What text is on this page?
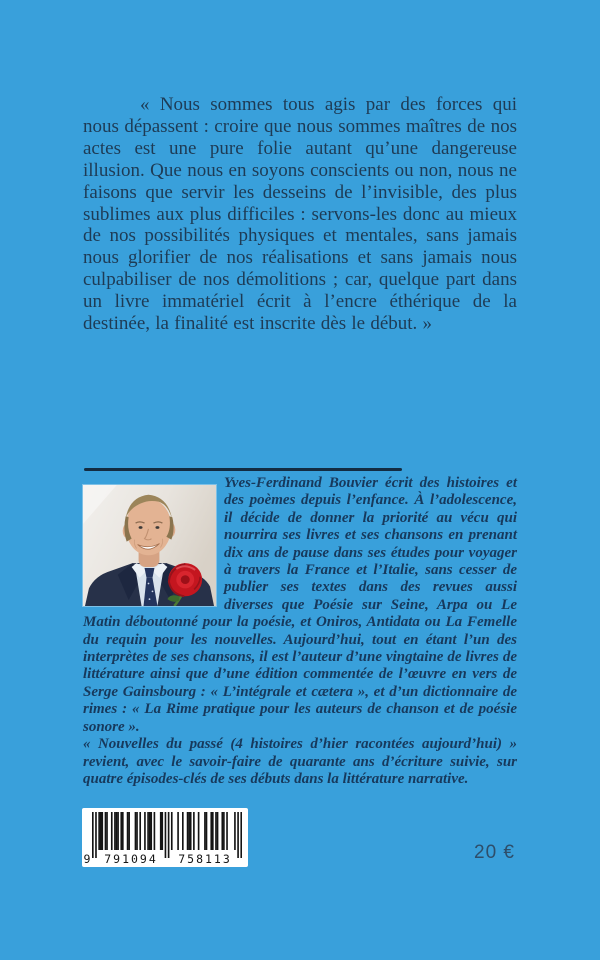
« Nous sommes tous agis par des forces qui nous dépassent : croire que nous sommes maîtres de nos actes est une pure folie autant qu’une dangereuse illusion. Que nous en soyons conscients ou non, nous ne faisons que servir les desseins de l’invisible, des plus sublimes aux plus difficiles : servons-les donc au mieux de nos possibilités physiques et mentales, sans jamais nous glorifier de nos réalisations et sans jamais nous culpabiliser de nos démolitions ; car, quelque part dans un livre immatériel écrit à l’encre éthérique de la destinée, la finalité est inscrite dès le début. »

Yves-Ferdinand Bouvier écrit des histoires et des poèmes depuis l’enfance. À l’adolescence, il décide de donner la priorité au vécu qui nourrira ses livres et ses chansons en prenant dix ans de pause dans ses études pour voyager à travers la France et l’Italie, sans cesser de publier ses textes dans des revues aussi diverses que Poésie sur Seine, Arpa ou Le Matin déboutonné pour la poésie, et Oniros, Antidata ou La Femelle du requin pour les nouvelles. Aujourd’hui, tout en étant l’un des interprètes de ses chansons, il est l’auteur d’une vingtaine de livres de littérature ainsi que d’une édition commentée de l’œuvre en vers de Serge Gainsbourg : « L’intégrale et cætera », et d’un dictionnaire de rimes : « La Rime pratique pour les auteurs de chanson et de poésie sonore ».

« Nouvelles du passé (4 histoires d’hier racontées aujourd’hui) » revient, avec le savoir-faire de quarante ans d’écriture suivie, sur quatre épisodes-clés de ses débuts dans la littérature narrative.

9	791094	758113	20 €
